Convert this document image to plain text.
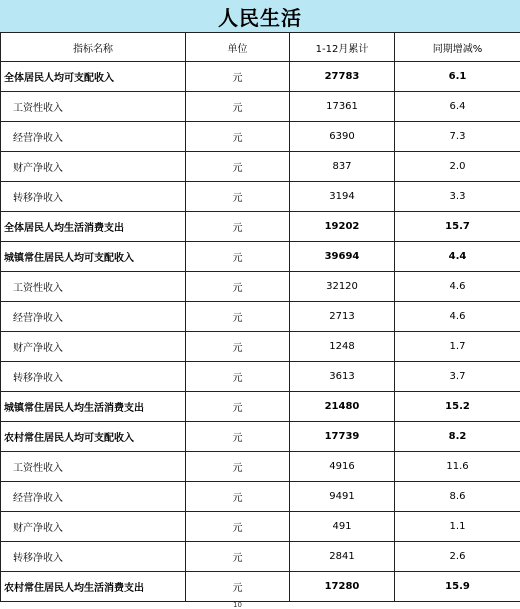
人民生活
指标名称	单位	1-12月累计	同期增减%
全体居民人均可支配收入	元	27783	6.1
工资性收入	元	17361	6.4
经营净收入	元	6390	7.3
财产净收入	元	837	2.0
转移净收入	元	3194	3.3
全体居民人均生活消费支出	元	19202	15.7
城镇常住居民人均可支配收入	元	39694	4.4
工资性收入	元	32120	4.6
经营净收入	元	2713	4.6
财产净收入	元	1248	1.7
转移净收入	元	3613	3.7
城镇常住居民人均生活消费支出	元	21480	15.2
农村常住居民人均可支配收入	元	17739	8.2
工资性收入	元	4916	11.6
经营净收入	元	9491	8.6
财产净收入	元	491	1.1
转移净收入	元	2841	2.6
农村常住居民人均生活消费支出	元	17280	15.9
10
